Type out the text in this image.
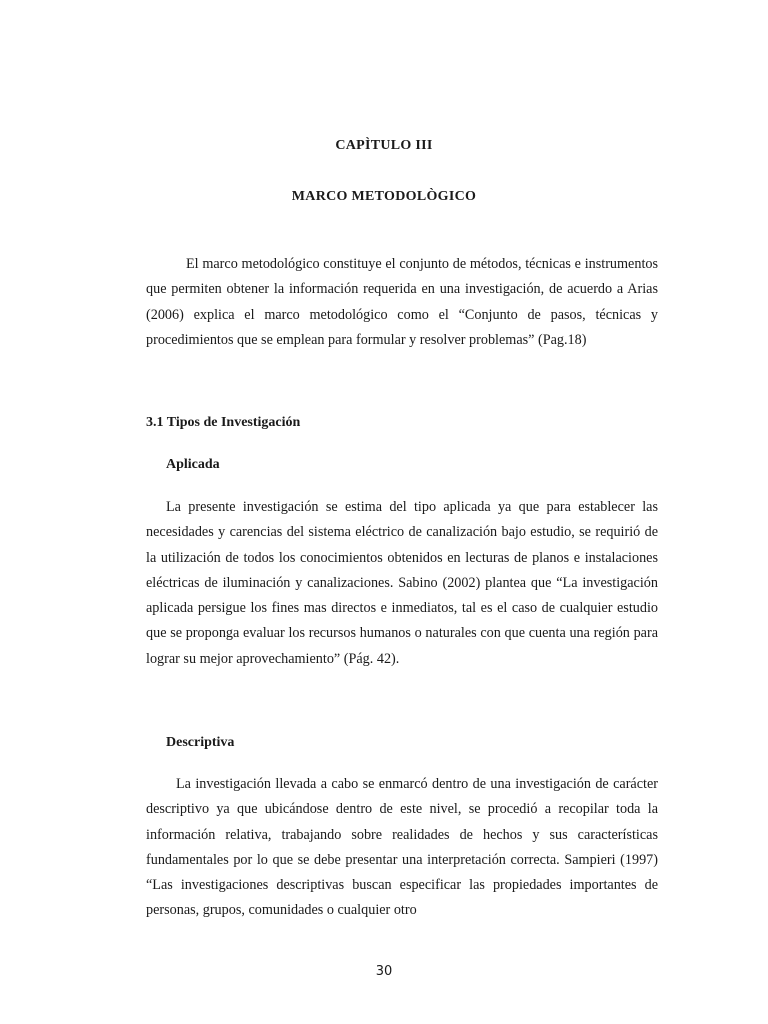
CAPÌTULO III
MARCO METODOLÒGICO

El marco metodológico constituye el conjunto de métodos, técnicas e instrumentos que permiten obtener la información requerida en una investigación, de acuerdo a Arias (2006) explica el marco metodológico como el “Conjunto de pasos, técnicas y procedimientos que se emplean para formular y resolver problemas” (Pag.18)

3.1 Tipos de Investigación
Aplicada

La presente investigación se estima del tipo aplicada ya que para establecer las necesidades y carencias del sistema eléctrico de canalización bajo estudio, se requirió de la utilización de todos los conocimientos obtenidos en lecturas de planos e instalaciones eléctricas de iluminación y canalizaciones. Sabino (2002) plantea que “La investigación aplicada persigue los fines mas directos e inmediatos, tal es el caso de cualquier estudio que se proponga evaluar los recursos humanos o naturales con que cuenta una región para lograr su mejor aprovechamiento” (Pág. 42).

Descriptiva

La investigación llevada a cabo se enmarcó dentro de una investigación de carácter descriptivo ya que ubicándose dentro de este nivel, se procedió a recopilar toda la información relativa, trabajando sobre realidades de hechos y sus características fundamentales por lo que se debe presentar una interpretación correcta. Sampieri (1997) “Las investigaciones descriptivas buscan especificar las propiedades importantes de personas, grupos, comunidades o cualquier otro

30
